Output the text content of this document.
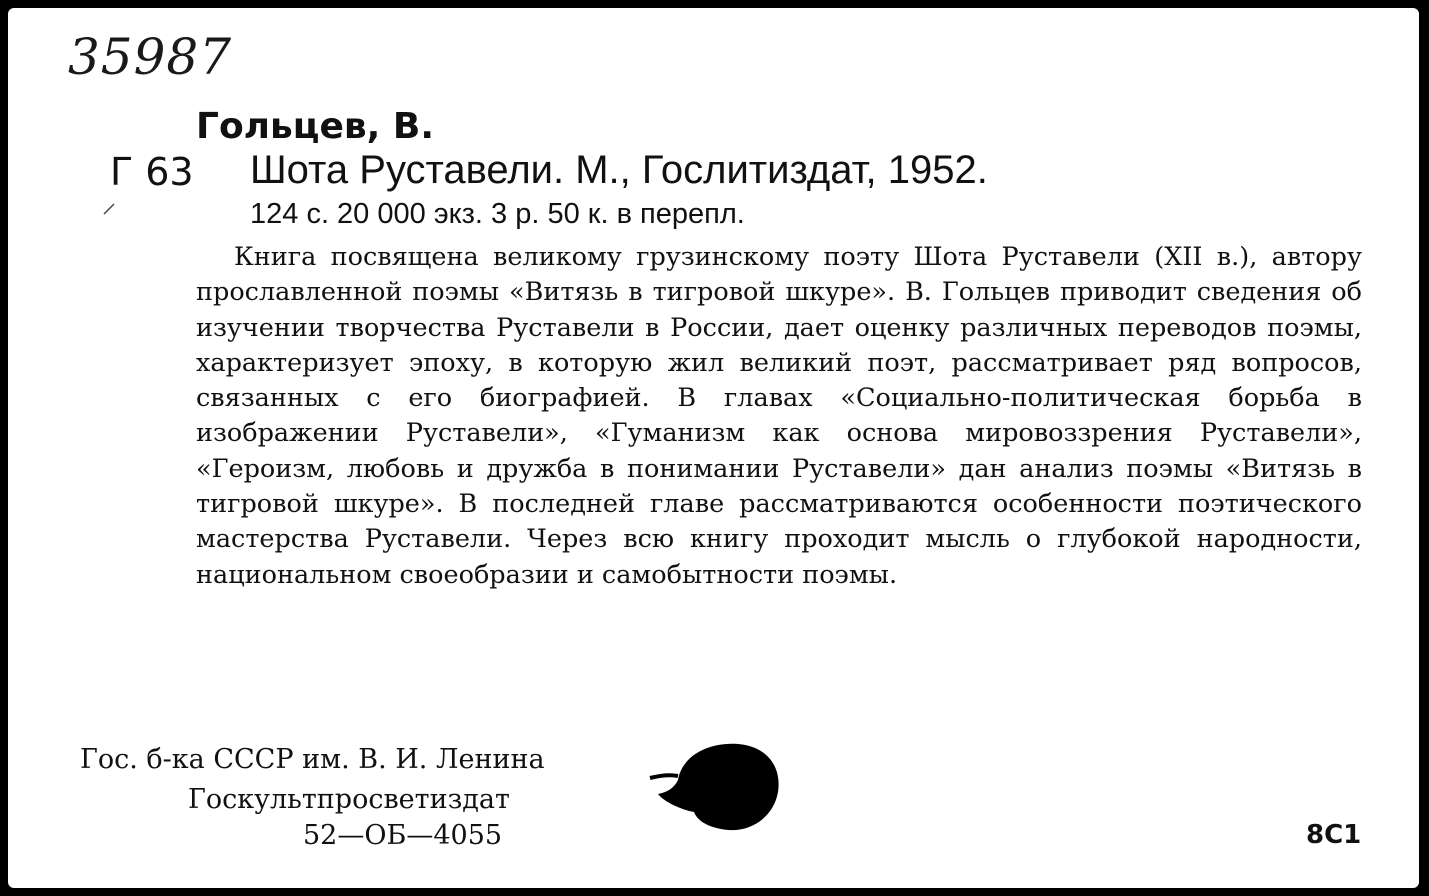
35987
Гольцев, В.
Г 63 Шота Руставели. М., Гослитиздат, 1952.
124 с. 20 000 экз. 3 р. 50 к. в перепл.
Книга посвящена великому грузинскому поэту Шота Руставели (XII в.), автору прославленной поэмы «Витязь в тигровой шкуре». В. Гольцев приводит сведения об изучении творчества Руставели в России, дает оценку различных переводов поэмы, характеризует эпоху, в которую жил великий поэт, рассматривает ряд вопросов, связанных с его биографией. В главах «Социально-политическая борьба в изображении Руставели», «Гуманизм как основа мировоззрения Руставели», «Героизм, любовь и дружба в понимании Руставели» дан анализ поэмы «Витязь в тигровой шкуре». В последней главе рассматриваются особенности поэтического мастерства Руставели. Через всю книгу проходит мысль о глубокой народности, национальном своеобразии и самобытности поэмы.
Гос. б-ка СССР им. В. И. Ленина
Госкультпросветиздат
52—ОБ—4055	8С1
